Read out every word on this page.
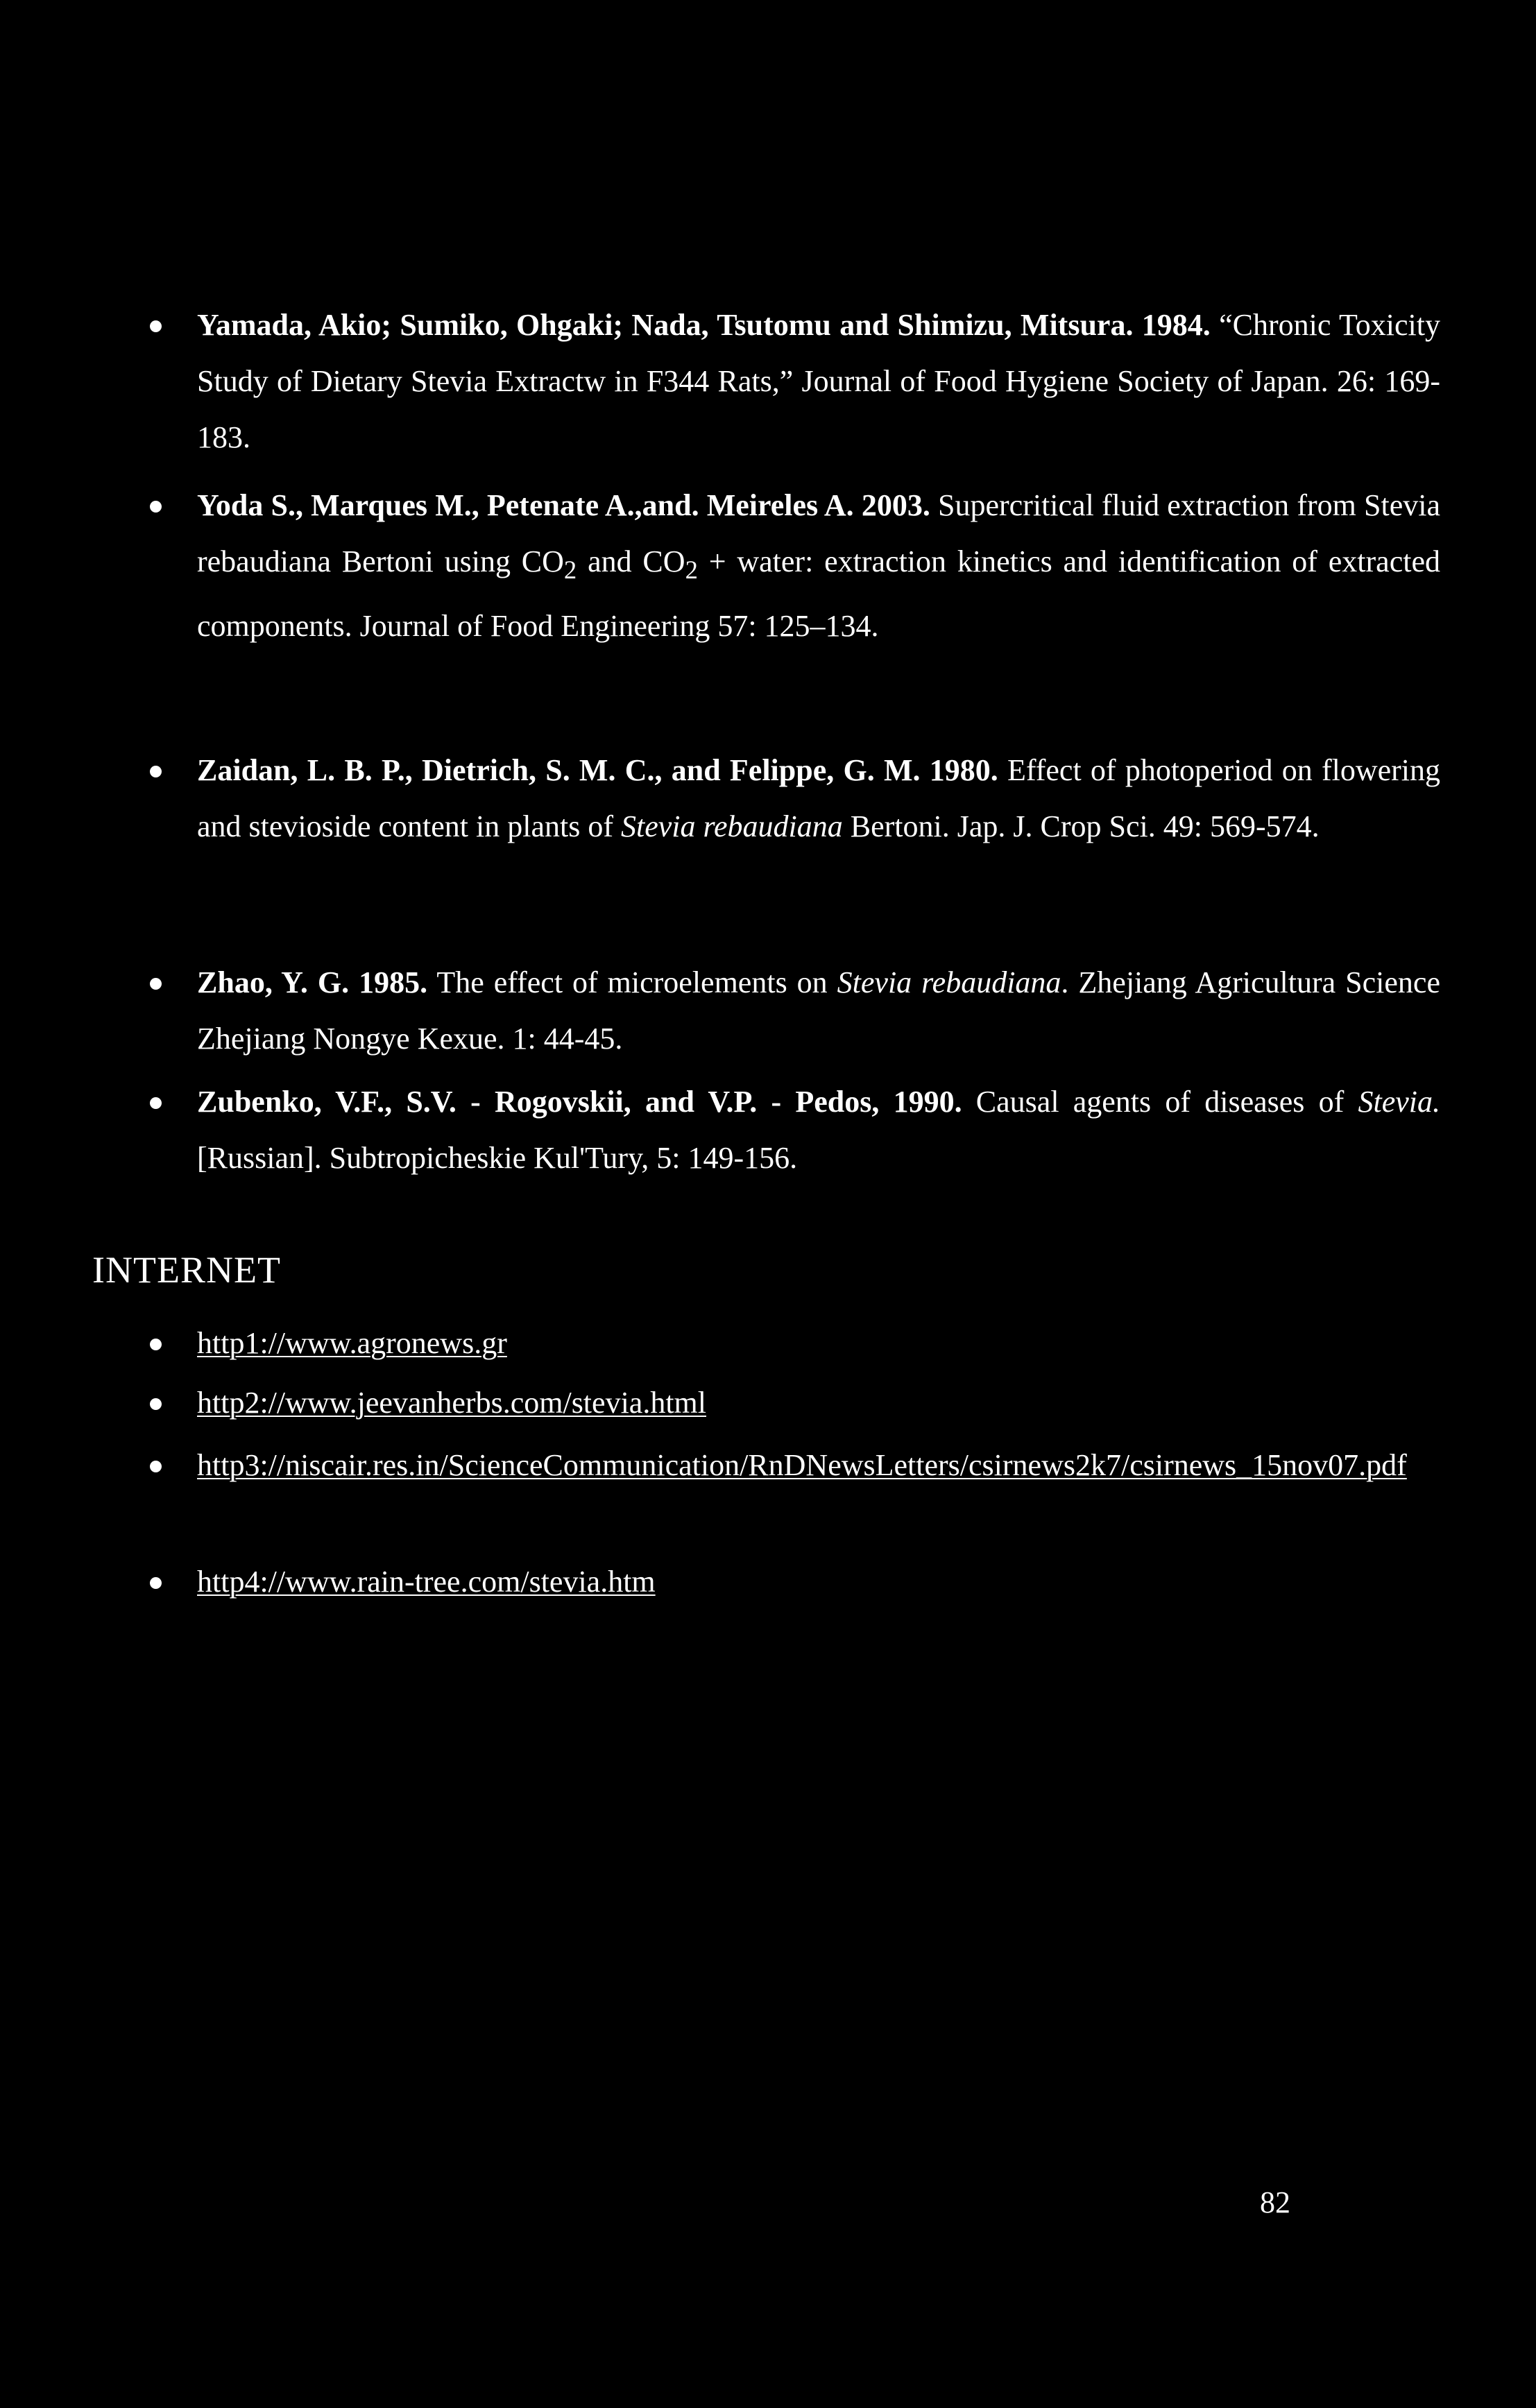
Yamada, Akio; Sumiko, Ohgaki; Nada, Tsutomu and Shimizu, Mitsura. 1984. “Chronic Toxicity Study of Dietary Stevia Extractw in F344 Rats,” Journal of Food Hygiene Society of Japan. 26: 169-183.

Yoda S., Marques M., Petenate A.,and. Meireles A. 2003. Supercritical fluid extraction from Stevia rebaudiana Bertoni using $CO_2$ and $CO_2$ + water: extraction kinetics and identification of extracted components. Journal of Food Engineering 57: 125–134.

Zaidan, L. B. P., Dietrich, S. M. C., and Felippe, G. M. 1980. Effect of photoperiod on flowering and stevioside content in plants of Stevia rebaudiana Bertoni. Jap. J. Crop Sci. 49: 569-574.

Zhao, Y. G. 1985. The effect of microelements on Stevia rebaudiana. Zhejiang Agricultura Science Zhejiang Nongye Kexue. 1: 44-45.

Zubenko, V.F., S.V. - Rogovskii, and V.P. - Pedos, 1990. Causal agents of diseases of Stevia. [Russian]. Subtropicheskie Kul'Tury, 5: 149-156.

INTERNET
http1://www.agronews.gr
http2://www.jeevanherbs.com/stevia.html
http3://niscair.res.in/ScienceCommunication/RnDNewsLetters/csirnews2k7/csirnews_15nov07.pdf
http4://www.rain-tree.com/stevia.htm
82
